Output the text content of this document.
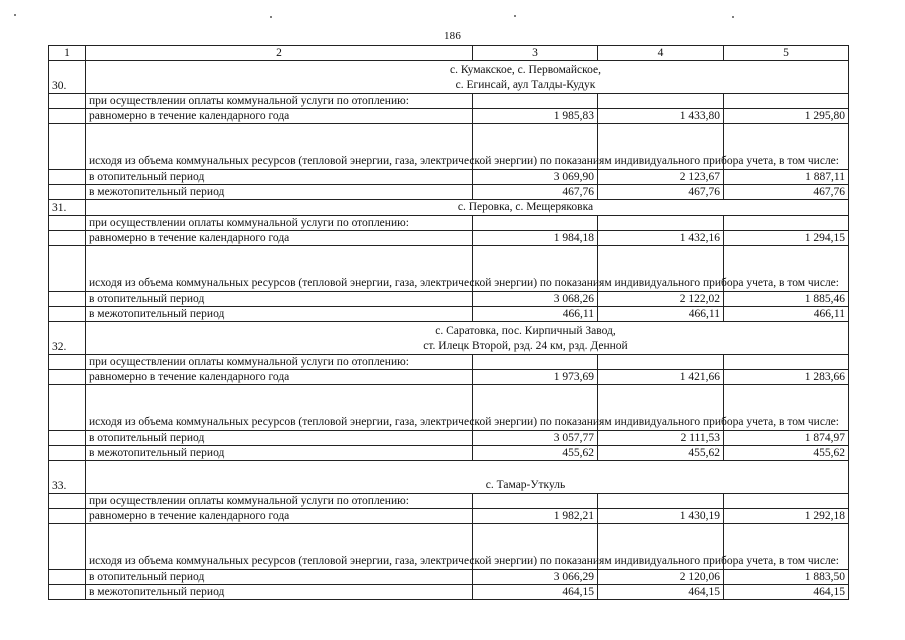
186
1	2	3	4	5
30.	с. Кумакское, с. Первомайское,
с. Егинсай, аул Талды-Кудук			

	при осуществлении оплаты коммунальной услуги по отоплению:			
	равномерно в течение календарного года	1 985,83	1 433,80	1 295,80
	исходя из объема коммунальных ресурсов (тепловой энергии, газа, электрической энергии) по показаниям индивидуального прибора учета, в том числе:			
	в отопительный период	3 069,90	2 123,67	1 887,11
	в межотопительный период	467,76	467,76	467,76
31.	с. Перовка, с. Мещеряковка			

	при осуществлении оплаты коммунальной услуги по отоплению:			
	равномерно в течение календарного года	1 984,18	1 432,16	1 294,15
	исходя из объема коммунальных ресурсов (тепловой энергии, газа, электрической энергии) по показаниям индивидуального прибора учета, в том числе:			
	в отопительный период	3 068,26	2 122,02	1 885,46
	в межотопительный период	466,11	466,11	466,11
32.	с. Саратовка, пос. Кирпичный Завод,
ст. Илецк Второй, рзд. 24 км, рзд. Денной			

	при осуществлении оплаты коммунальной услуги по отоплению:			
	равномерно в течение календарного года	1 973,69	1 421,66	1 283,66
	исходя из объема коммунальных ресурсов (тепловой энергии, газа, электрической энергии) по показаниям индивидуального прибора учета, в том числе:			
	в отопительный период	3 057,77	2 111,53	1 874,97
	в межотопительный период	455,62	455,62	455,62
33.	с. Тамар-Уткуль			

	при осуществлении оплаты коммунальной услуги по отоплению:			
	равномерно в течение календарного года	1 982,21	1 430,19	1 292,18
	исходя из объема коммунальных ресурсов (тепловой энергии, газа, электрической энергии) по показаниям индивидуального прибора учета, в том числе:			
	в отопительный период	3 066,29	2 120,06	1 883,50
	в межотопительный период	464,15	464,15	464,15
